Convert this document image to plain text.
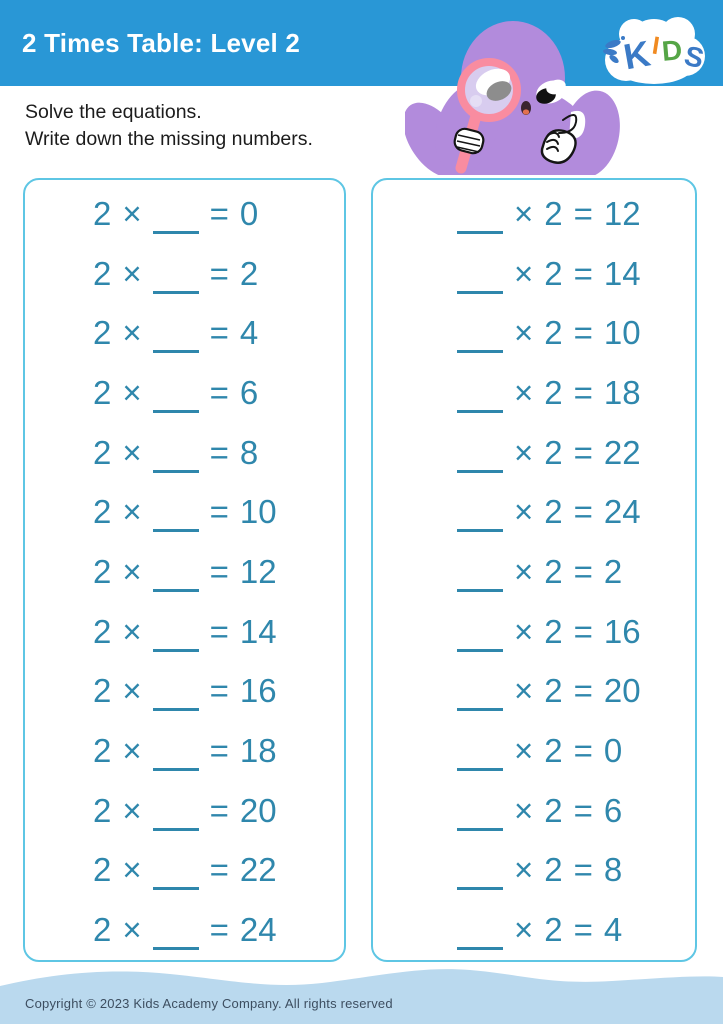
2 Times Table: Level 2	K
I D
S
Solve the equations.
Write down the missing numbers.
2 × = 0
2 × = 2
2 × = 4
2 × = 6
2 × = 8
2 × = 10
2 × = 12
2 × = 14
2 × = 16
2 × = 18
2 × = 20
2 × = 22
2 × = 24
× 2 = 12
× 2 = 14
× 2 = 10
× 2 = 18
× 2 = 22
× 2 = 24
× 2 = 2
× 2 = 16
× 2 = 20
× 2 = 0
× 2 = 6
× 2 = 8
× 2 = 4
Copyright © 2023 Kids Academy Company. All rights reserved
